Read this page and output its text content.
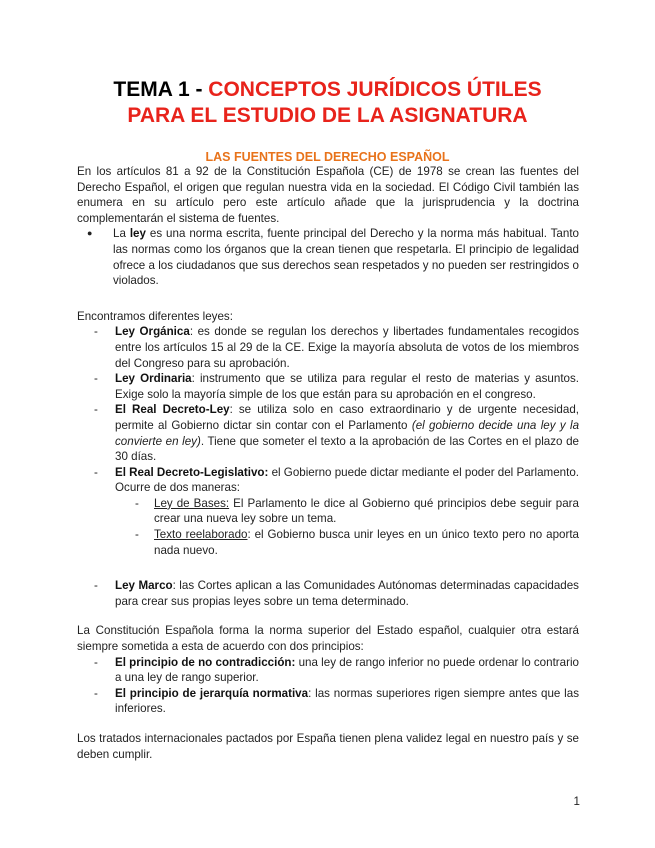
TEMA 1 - CONCEPTOS JURÍDICOS ÚTILES
PARA EL ESTUDIO DE LA ASIGNATURA
LAS FUENTES DEL DERECHO ESPAÑOL

En los artículos 81 a 92 de la Constitución Española (CE) de 1978 se crean las fuentes del Derecho Español, el origen que regulan nuestra vida en la sociedad. El Código Civil también las enumera en su artículo pero este artículo añade que la jurisprudencia y la doctrina complementarán el sistema de fuentes.

● La ley es una norma escrita, fuente principal del Derecho y la norma más habitual. Tanto las normas como los órganos que la crean tienen que respetarla. El principio de legalidad ofrece a los ciudadanos que sus derechos sean respetados y no pueden ser restringidos o violados.

Encontramos diferentes leyes:

- Ley Orgánica: es donde se regulan los derechos y libertades fundamentales recogidos entre los artículos 15 al 29 de la CE. Exige la mayoría absoluta de votos de los miembros del Congreso para su aprobación.
- Ley Ordinaria: instrumento que se utiliza para regular el resto de materias y asuntos. Exige solo la mayoría simple de los que están para su aprobación en el congreso.
- El Real Decreto-Ley: se utiliza solo en caso extraordinario y de urgente necesidad, permite al Gobierno dictar sin contar con el Parlamento (el gobierno decide una ley y la convierte en ley). Tiene que someter el texto a la aprobación de las Cortes en el plazo de 30 días.
- El Real Decreto-Legislativo: el Gobierno puede dictar mediante el poder del Parlamento. Ocurre de dos maneras:
- Ley de Bases: El Parlamento le dice al Gobierno qué principios debe seguir para crear una nueva ley sobre un tema.
- Texto reelaborado: el Gobierno busca unir leyes en un único texto pero no aporta nada nuevo.
- Ley Marco: las Cortes aplican a las Comunidades Autónomas determinadas capacidades para crear sus propias leyes sobre un tema determinado.

La Constitución Española forma la norma superior del Estado español, cualquier otra estará siempre sometida a esta de acuerdo con dos principios:

- El principio de no contradicción: una ley de rango inferior no puede ordenar lo contrario a una ley de rango superior.
- El principio de jerarquía normativa: las normas superiores rigen siempre antes que las inferiores.

Los tratados internacionales pactados por España tienen plena validez legal en nuestro país y se deben cumplir.

1
